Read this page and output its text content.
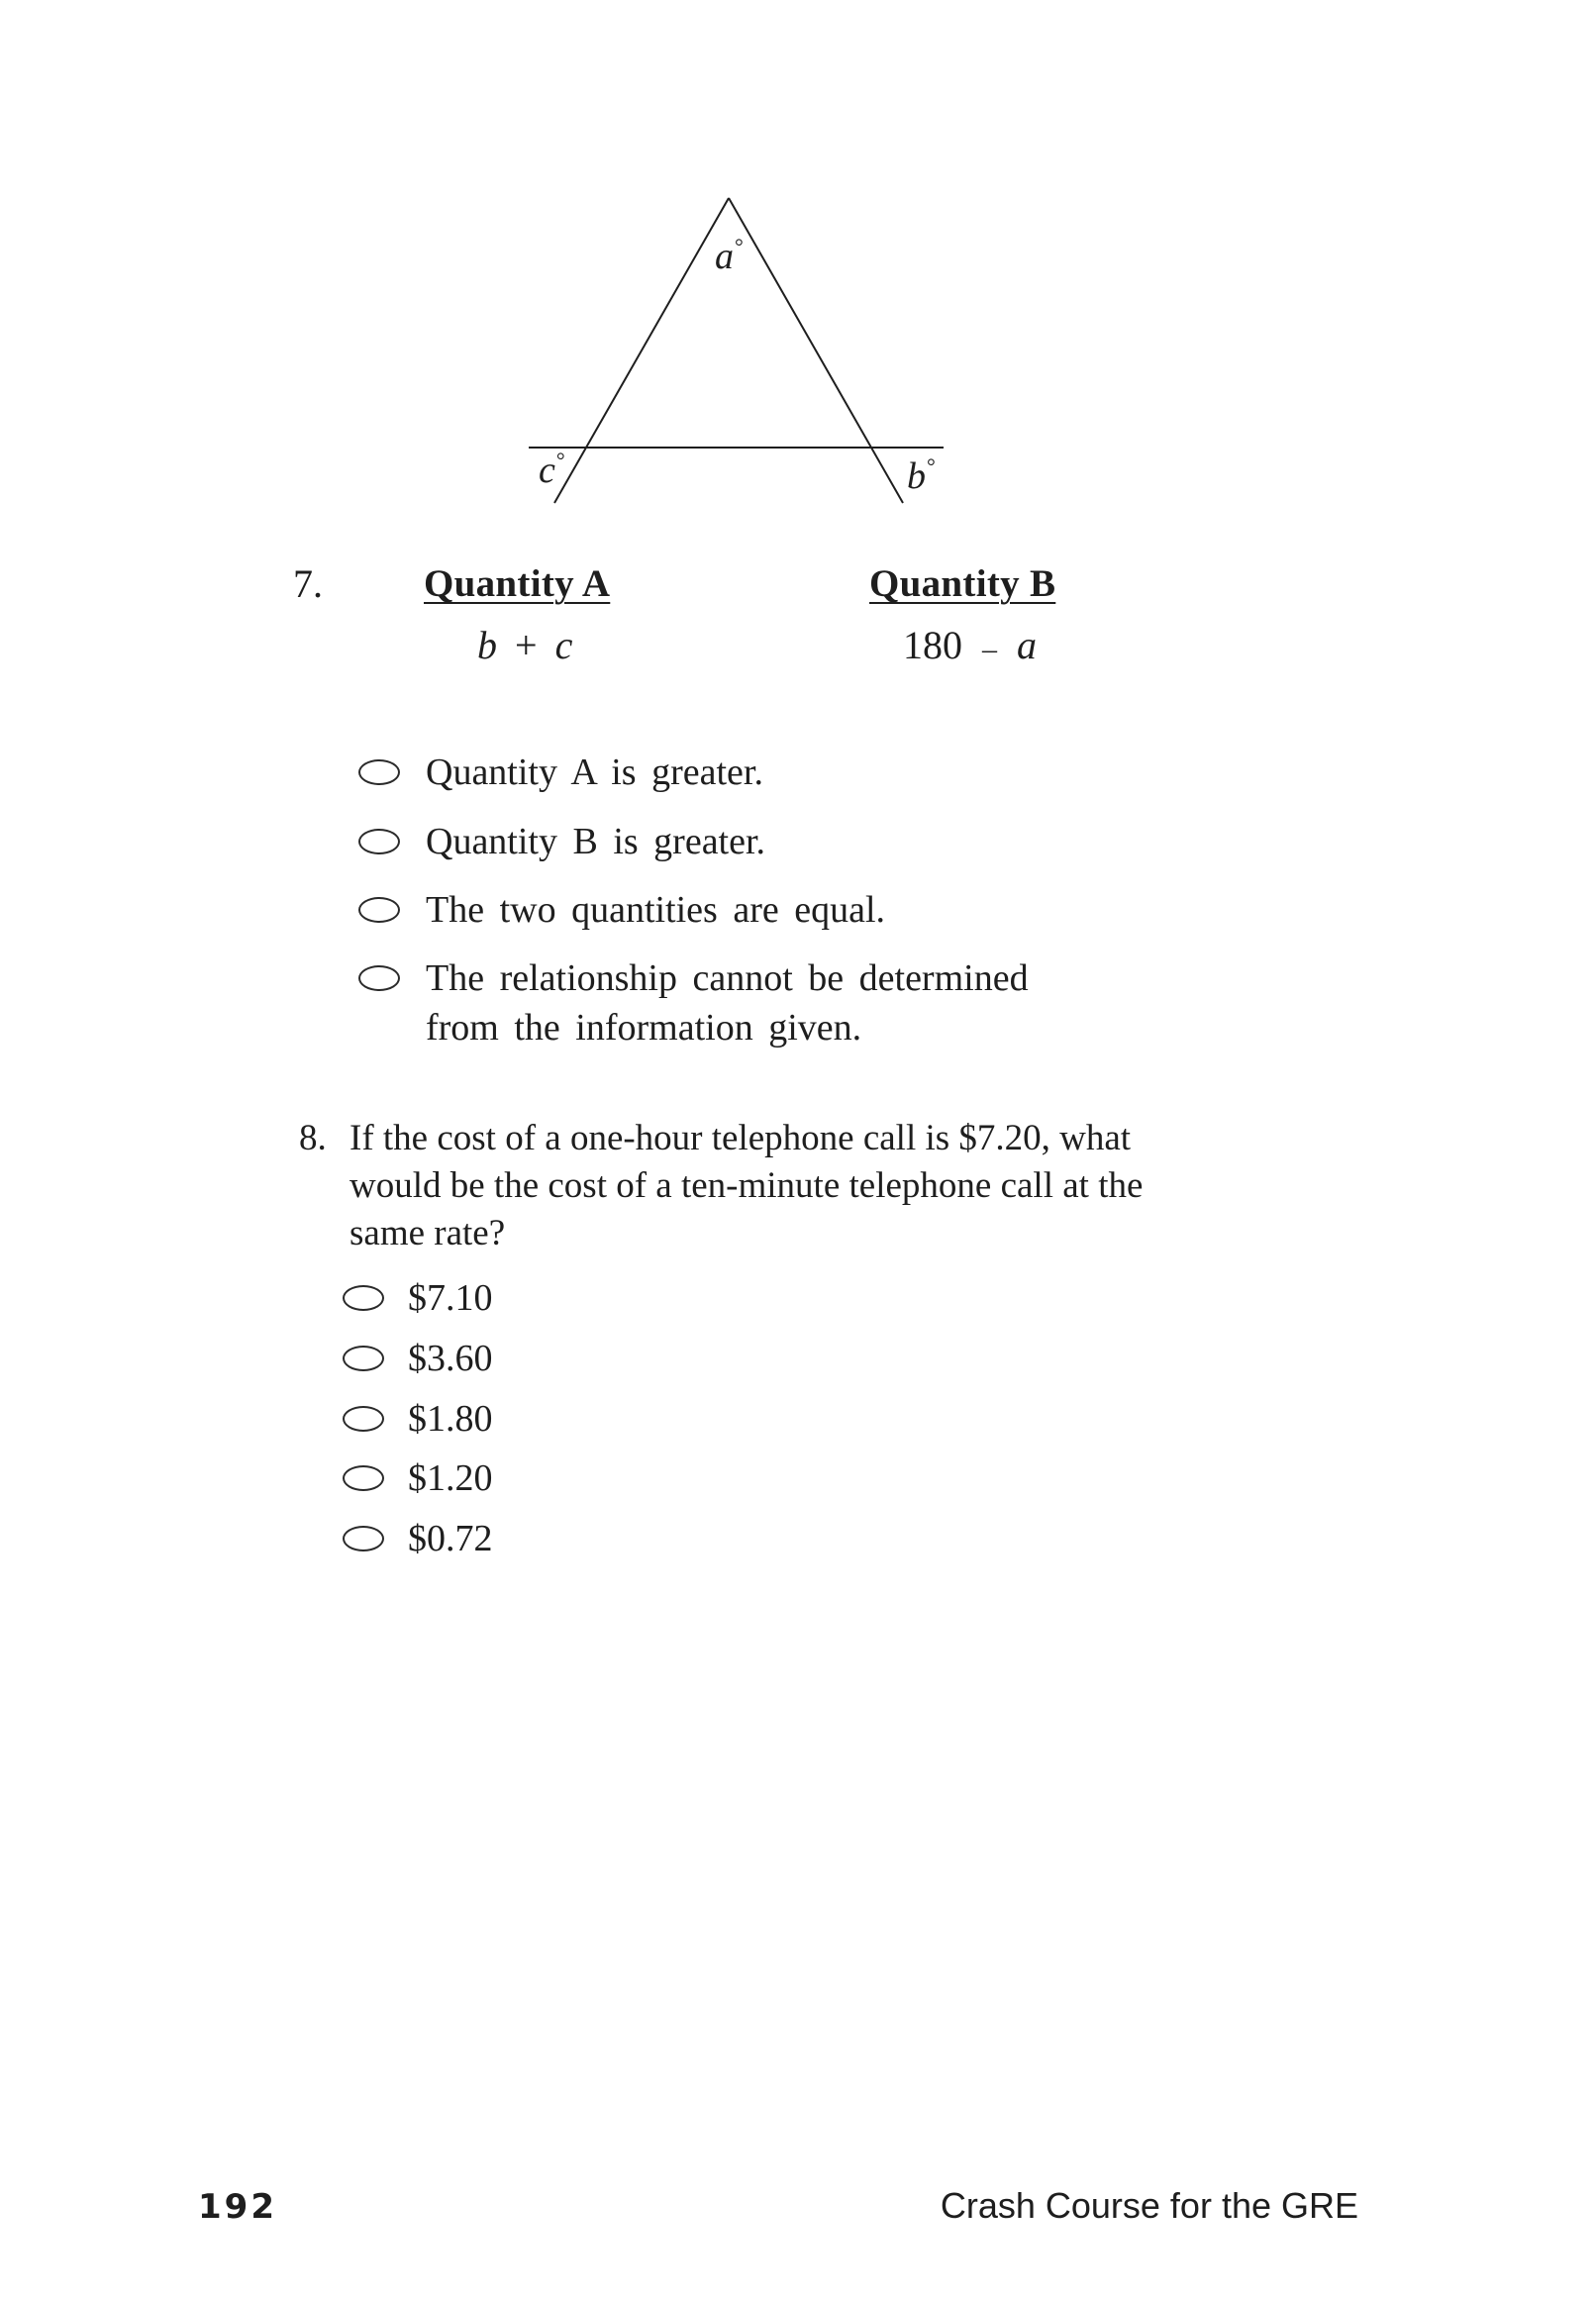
a°
c°	b°
7.	Quantity A	Quantity B
b + c	180 – a
Quantity A is greater.
Quantity B is greater.
The two quantities are equal.
The relationship cannot be determined
from the information given.
8. If the cost of a one-hour telephone call is $7.20, what
would be the cost of a ten-minute telephone call at the
same rate?
$7.10
$3.60
$1.80
$1.20
$0.72
192	Crash Course for the GRE
